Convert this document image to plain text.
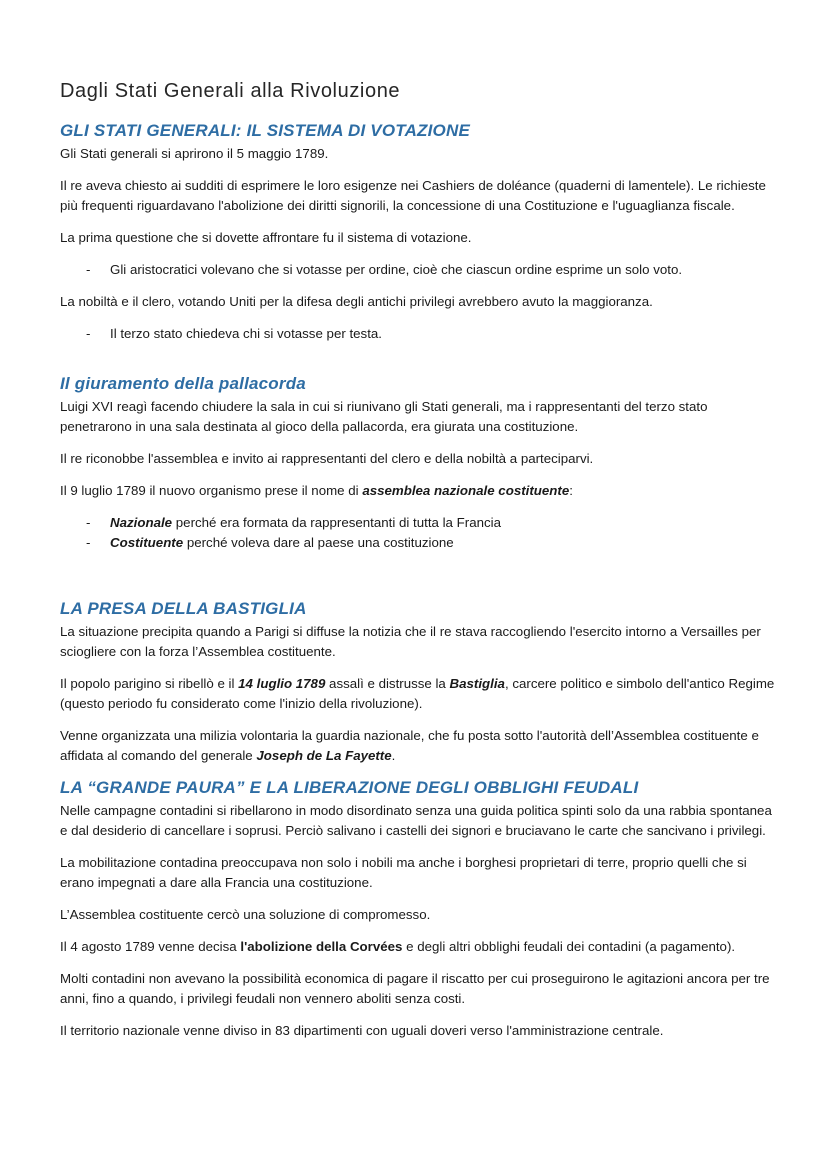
Dagli Stati Generali alla Rivoluzione
GLI STATI GENERALI: IL SISTEMA DI VOTAZIONE

Gli Stati generali si aprirono il 5 maggio 1789.

Il re aveva chiesto ai sudditi di esprimere le loro esigenze nei Cashiers de doléance (quaderni di lamentele). Le richieste più frequenti riguardavano l'abolizione dei diritti signorili, la concessione di una Costituzione e l'uguaglianza fiscale.

La prima questione che si dovette affrontare fu il sistema di votazione.

- Gli aristocratici volevano che si votasse per ordine, cioè che ciascun ordine esprime un solo voto.

La nobiltà e il clero, votando Uniti per la difesa degli antichi privilegi avrebbero avuto la maggioranza.

- Il terzo stato chiedeva chi si votasse per testa.
Il giuramento della pallacorda

Luigi XVI reagì facendo chiudere la sala in cui si riunivano gli Stati generali, ma i rappresentanti del terzo stato penetrarono in una sala destinata al gioco della pallacorda, era giurata una costituzione.

Il re riconobbe l'assemblea e invito ai rappresentanti del clero e della nobiltà a parteciparvi.

Il 9 luglio 1789 il nuovo organismo prese il nome di assemblea nazionale costituente:

- Nazionale perché era formata da rappresentanti di tutta la Francia
- Costituente perché voleva dare al paese una costituzione
LA PRESA DELLA BASTIGLIA

La situazione precipita quando a Parigi si diffuse la notizia che il re stava raccogliendo l'esercito intorno a Versailles per sciogliere con la forza l’Assemblea costituente.

Il popolo parigino si ribellò e il 14 luglio 1789 assalì e distrusse la Bastiglia, carcere politico e simbolo dell'antico Regime (questo periodo fu considerato come l'inizio della rivoluzione).

Venne organizzata una milizia volontaria la guardia nazionale, che fu posta sotto l'autorità dell’Assemblea costituente e affidata al comando del generale Joseph de La Fayette.

LA “GRANDE PAURA” E LA LIBERAZIONE DEGLI OBBLIGHI FEUDALI

Nelle campagne contadini si ribellarono in modo disordinato senza una guida politica spinti solo da una rabbia spontanea e dal desiderio di cancellare i soprusi. Perciò salivano i castelli dei signori e bruciavano le carte che sancivano i privilegi.

La mobilitazione contadina preoccupava non solo i nobili ma anche i borghesi proprietari di terre, proprio quelli che si erano impegnati a dare alla Francia una costituzione.

L’Assemblea costituente cercò una soluzione di compromesso.

Il 4 agosto 1789 venne decisa l'abolizione della Corvées e degli altri obblighi feudali dei contadini (a pagamento).

Molti contadini non avevano la possibilità economica di pagare il riscatto per cui proseguirono le agitazioni ancora per tre anni, fino a quando, i privilegi feudali non vennero aboliti senza costi.

Il territorio nazionale venne diviso in 83 dipartimenti con uguali doveri verso l'amministrazione centrale.
